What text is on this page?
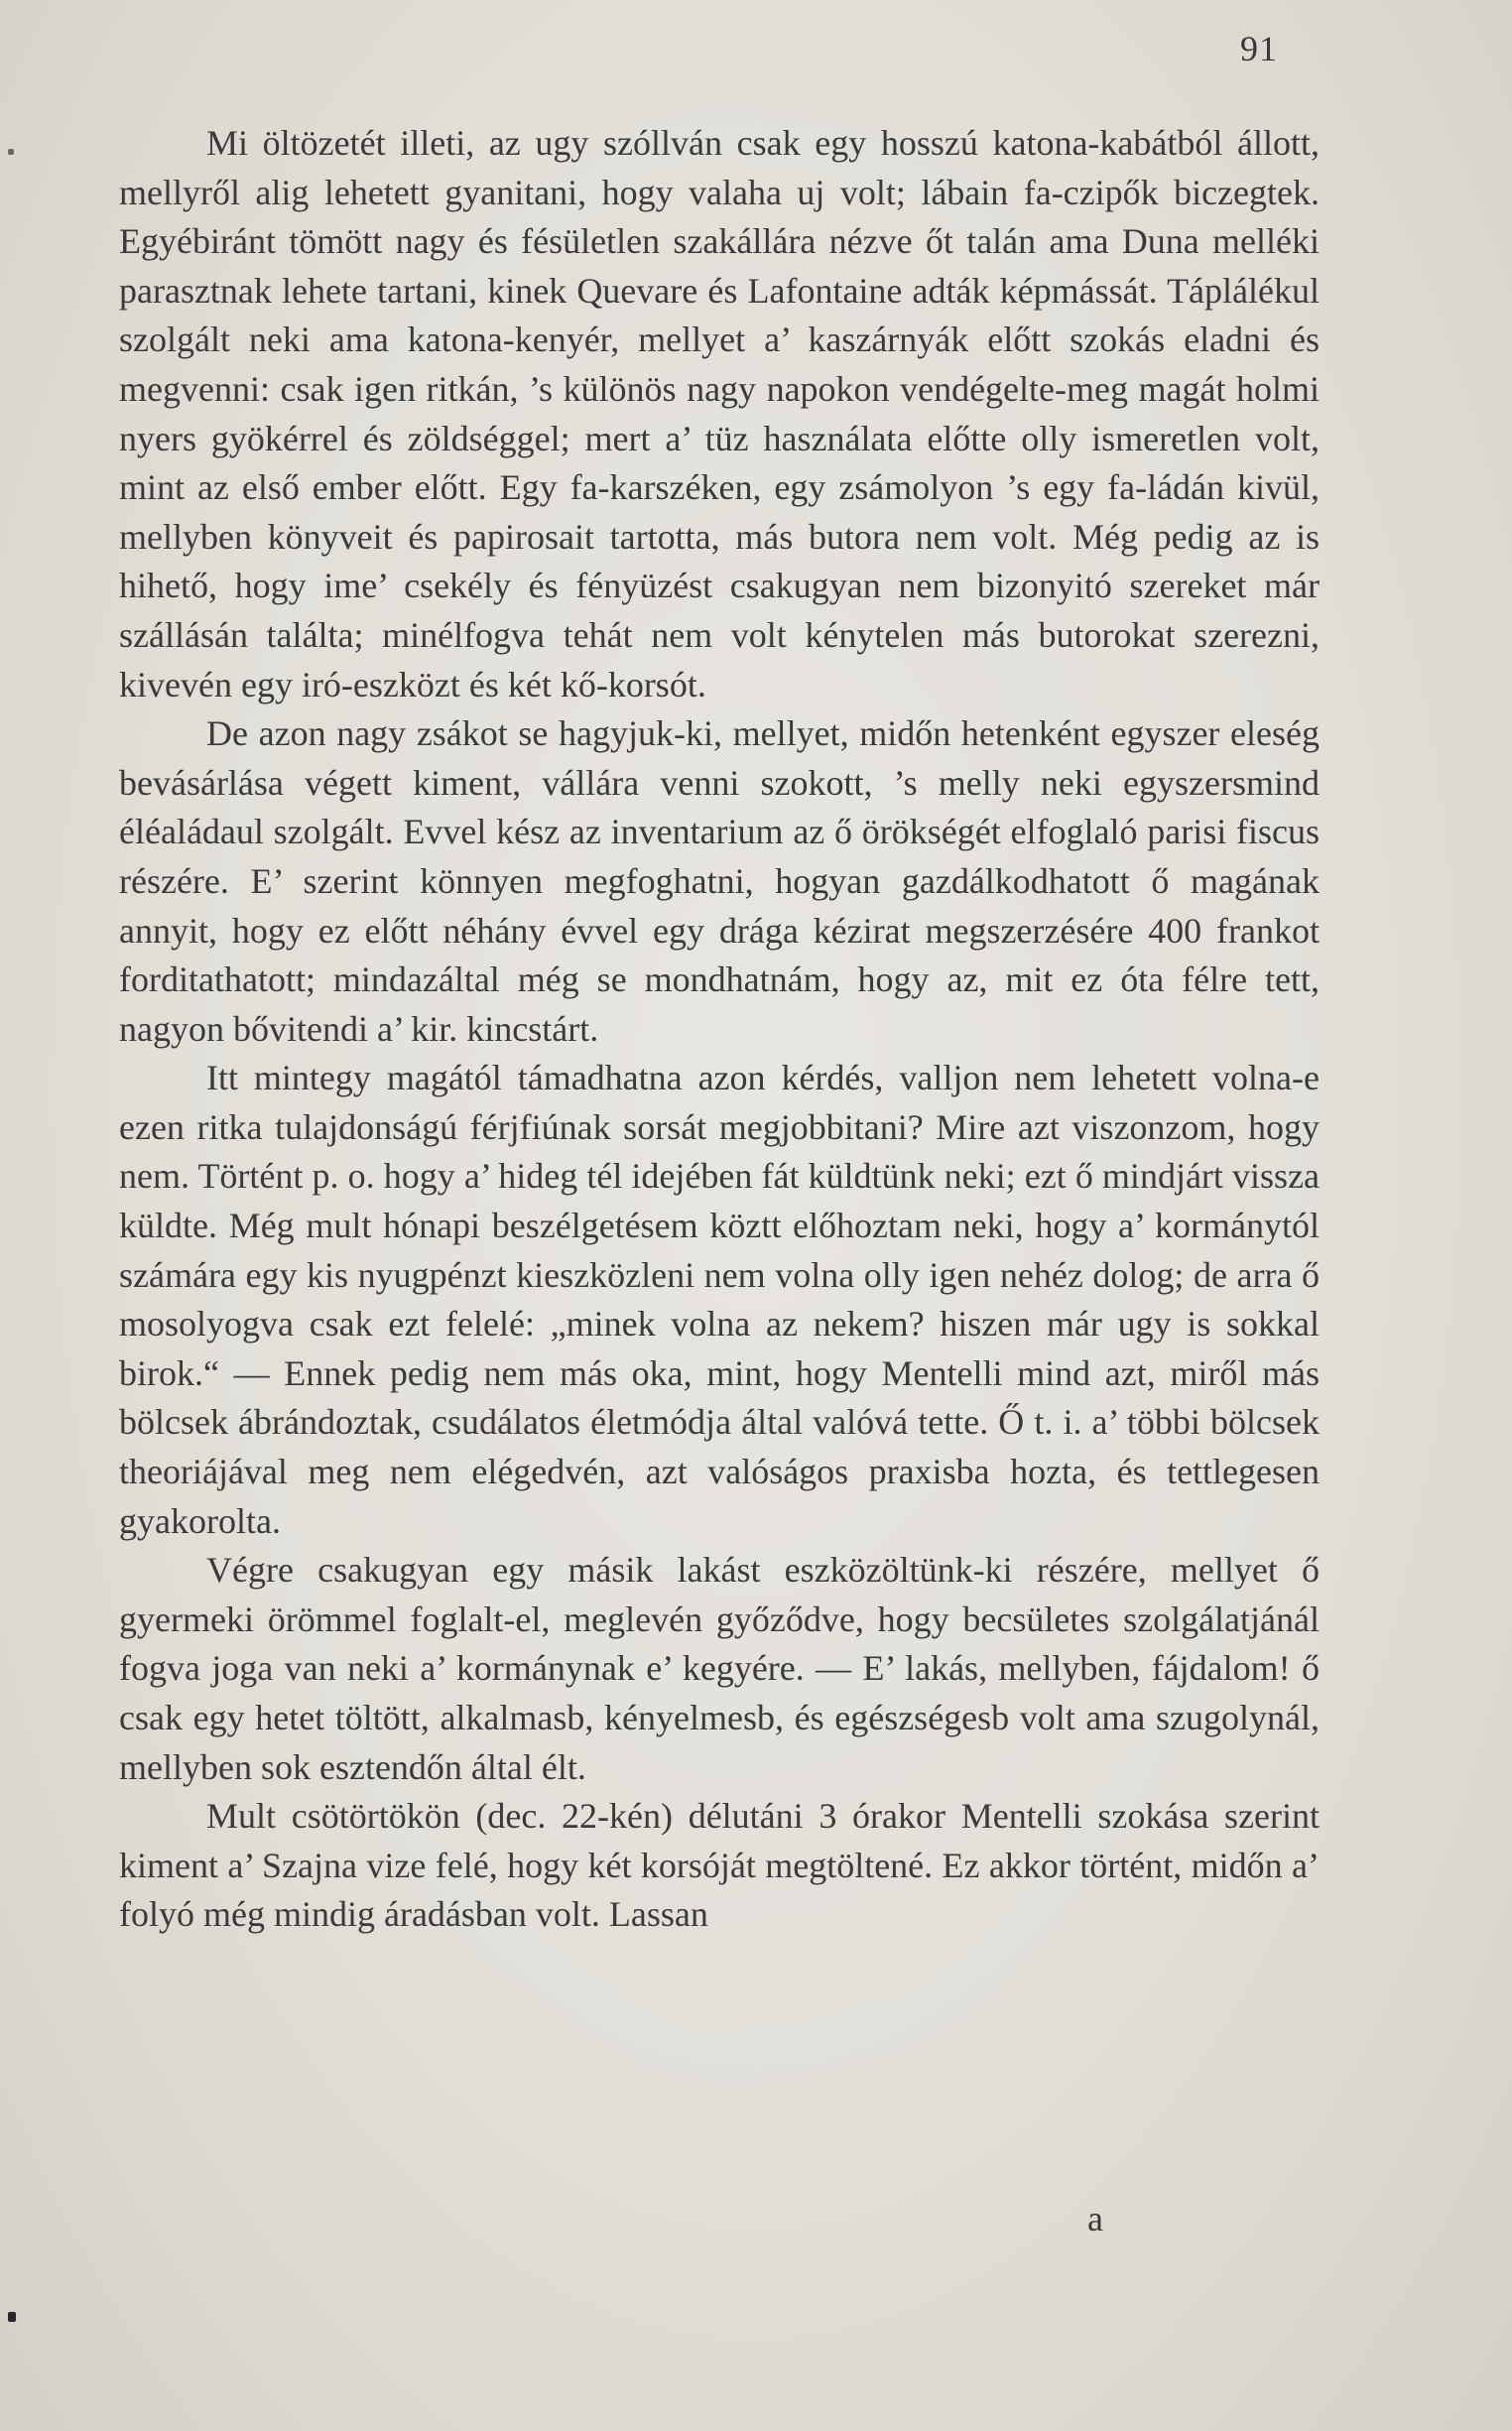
91

Mi öltözetét illeti, az ugy szóllván csak egy hosszú katona-kabátból állott, mellyről alig lehetett gyanitani, hogy valaha uj volt; lábain fa-czipők biczegtek. Egyébiránt tömött nagy és fésületlen szakállára nézve őt talán ama Duna melléki parasztnak lehete tartani, kinek Quevare és Lafontaine adták képmássát. Táplálékul szolgált neki ama katona-kenyér, mellyet a’ kaszárnyák előtt szokás eladni és megvenni: csak igen ritkán, ’s különös nagy napokon vendégelte-meg magát holmi nyers gyökérrel és zöldséggel; mert a’ tüz használata előtte olly ismeretlen volt, mint az első ember előtt. Egy fa-karszéken, egy zsámolyon ’s egy fa-ládán kivül, mellyben könyveit és papirosait tartotta, más butora nem volt. Még pedig az is hihető, hogy ime’ csekély és fényüzést csakugyan nem bizonyitó szereket már szállásán találta; minélfogva tehát nem volt kénytelen más butorokat szerezni, kivevén egy iró-eszközt és két kő-korsót.

De azon nagy zsákot se hagyjuk-ki, mellyet, midőn hetenként egyszer eleség bevásárlása végett kiment, vállára venni szokott, ’s melly neki egyszersmind éléaládaul szolgált. Evvel kész az inventarium az ő örökségét elfoglaló parisi fiscus részére. E’ szerint könnyen megfoghatni, hogyan gazdálkodhatott ő magának annyit, hogy ez előtt néhány évvel egy drága kézirat megszerzésére 400 frankot forditathatott; mindazáltal még se mondhatnám, hogy az, mit ez óta félre tett, nagyon bővitendi a’ kir. kincstárt.

Itt mintegy magától támadhatna azon kérdés, valljon nem lehetett volna-e ezen ritka tulajdonságú férjfiúnak sorsát megjobbitani? Mire azt viszonzom, hogy nem. Történt p. o. hogy a’ hideg tél idejében fát küldtünk neki; ezt ő mindjárt vissza küldte. Még mult hónapi beszélgetésem köztt előhoztam neki, hogy a’ kormánytól számára egy kis nyugpénzt kieszközleni nem volna olly igen nehéz dolog; de arra ő mosolyogva csak ezt felelé: „minek volna az nekem? hiszen már ugy is sokkal birok.“ — Ennek pedig nem más oka, mint, hogy Mentelli mind azt, miről más bölcsek ábrándoztak, csudálatos életmódja által valóvá tette. Ő t. i. a’ többi bölcsek theoriájával meg nem elégedvén, azt valóságos praxisba hozta, és tettlegesen gyakorolta.

Végre csakugyan egy másik lakást eszközöltünk-ki részére, mellyet ő gyermeki örömmel foglalt-el, meglevén győződve, hogy becsületes szolgálatjánál fogva joga van neki a’ kormánynak e’ kegyére. — E’ lakás, mellyben, fájdalom! ő csak egy hetet töltött, alkalmasb, kényelmesb, és egészségesb volt ama szugolynál, mellyben sok esztendőn által élt.

Mult csötörtökön (dec. 22-kén) délutáni 3 órakor Mentelli szokása szerint kiment a’ Szajna vize felé, hogy két korsóját megtöltené. Ez akkor történt, midőn a’ folyó még mindig áradásban volt. Lassan

a
